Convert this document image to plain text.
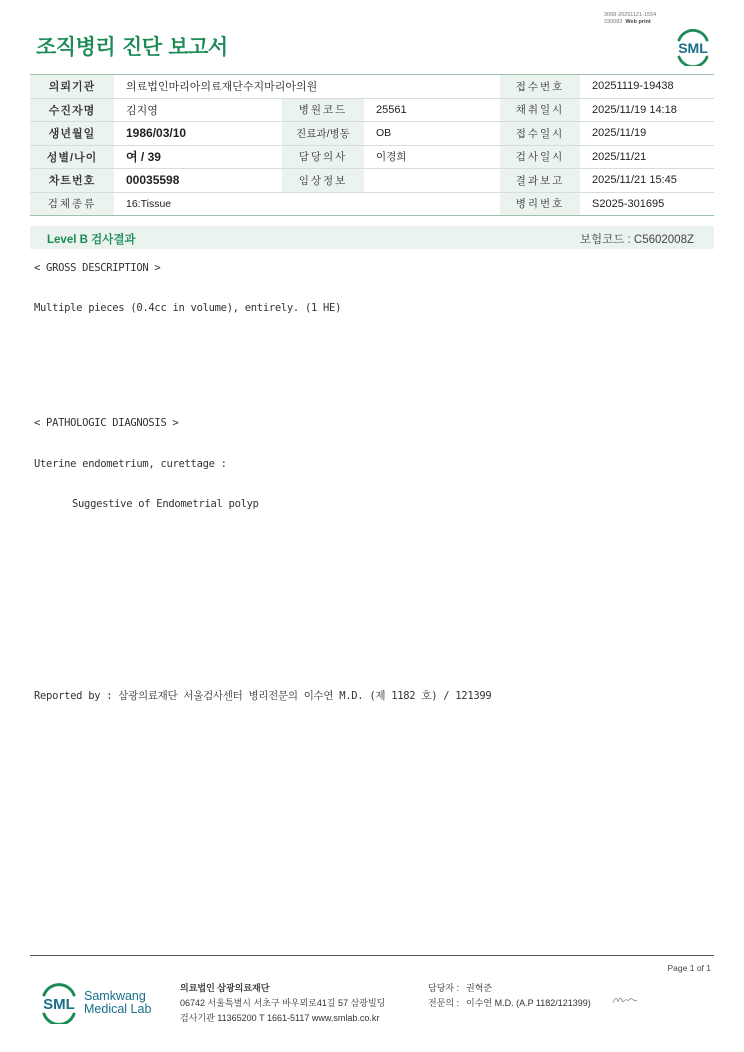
3068-20251121-1554
230083 Web print
조직병리 진단 보고서	SML
의뢰기관	의료법인마리아의료재단수지마리아의원			접수번호	20251119-19438
수진자명	김지영	병원코드	25561	채취일시	2025/11/19 14:18
생년월일	1986/03/10	진료과/병동	OB	접수일시	2025/11/19
성별/나이	여 / 39	담당의사	이경희	검사일시	2025/11/21
차트번호	00035598	임상정보		결과보고	2025/11/21 15:45
검체종류	16:Tissue			병리번호	S2025-301695
Level B 검사결과	보험코드 : C5602008Z
< GROSS DESCRIPTION >
Multiple pieces (0.4cc in volume), entirely. (1 HE)
< PATHOLOGIC DIAGNOSIS >
Uterine endometrium, curettage :
Suggestive of Endometrial polyp
Reported by : 삼광의료재단 서울검사센터 병리전문의 이수연 M.D. (제 1182 호) / 121399
Page 1 of 1
SML Samkwang
Medical Lab
의료법인 삼광의료재단
06742 서울특별시 서초구 바우뫼로41길 57 삼광빌딩
검사기관 11365200 T 1661-5117 www.smlab.co.kr
담당자 : 권혁준
전문의 : 이수연 M.D. (A.P 1182/121399)
